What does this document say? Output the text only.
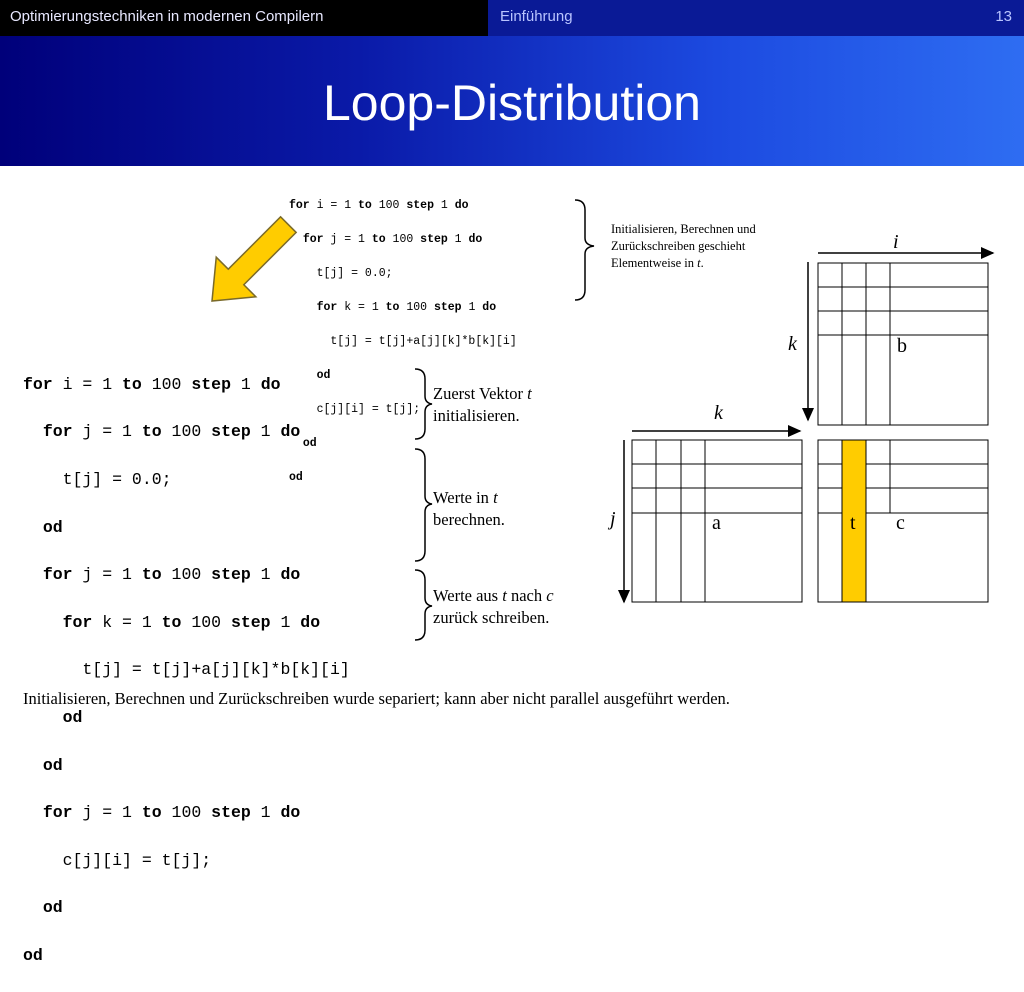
Optimierungstechniken in modernen Compilern	Einführung	13
Loop-Distribution

for i = 1 to 100 step 1 do

for j = 1 to 100 step 1 do

t[j] = 0.0;

for k = 1 to 100 step 1 do

t[j] = t[j]+a[j][k]*b[k][i]

od

c[j][i] = t[j];

od

od

Initialisieren, Berechnen und Zurückschreiben geschieht Elementweise in t.

for i = 1 to 100 step 1 do

for j = 1 to 100 step 1 do

t[j] = 0.0;

od

for j = 1 to 100 step 1 do

for k = 1 to 100 step 1 do

t[j] = t[j]+a[j][k]*b[k][i]

od

od

for j = 1 to 100 step 1 do

c[j][i] = t[j];

od

od

Zuerst Vektor t
initialisieren.
Werte in t
berechnen.
Werte aus t nach c
zurück schreiben.
i
k	b
k
j	a	t c
Initialisieren, Berechnen und Zurückschreiben wurde separiert; kann aber nicht parallel ausgeführt werden.
